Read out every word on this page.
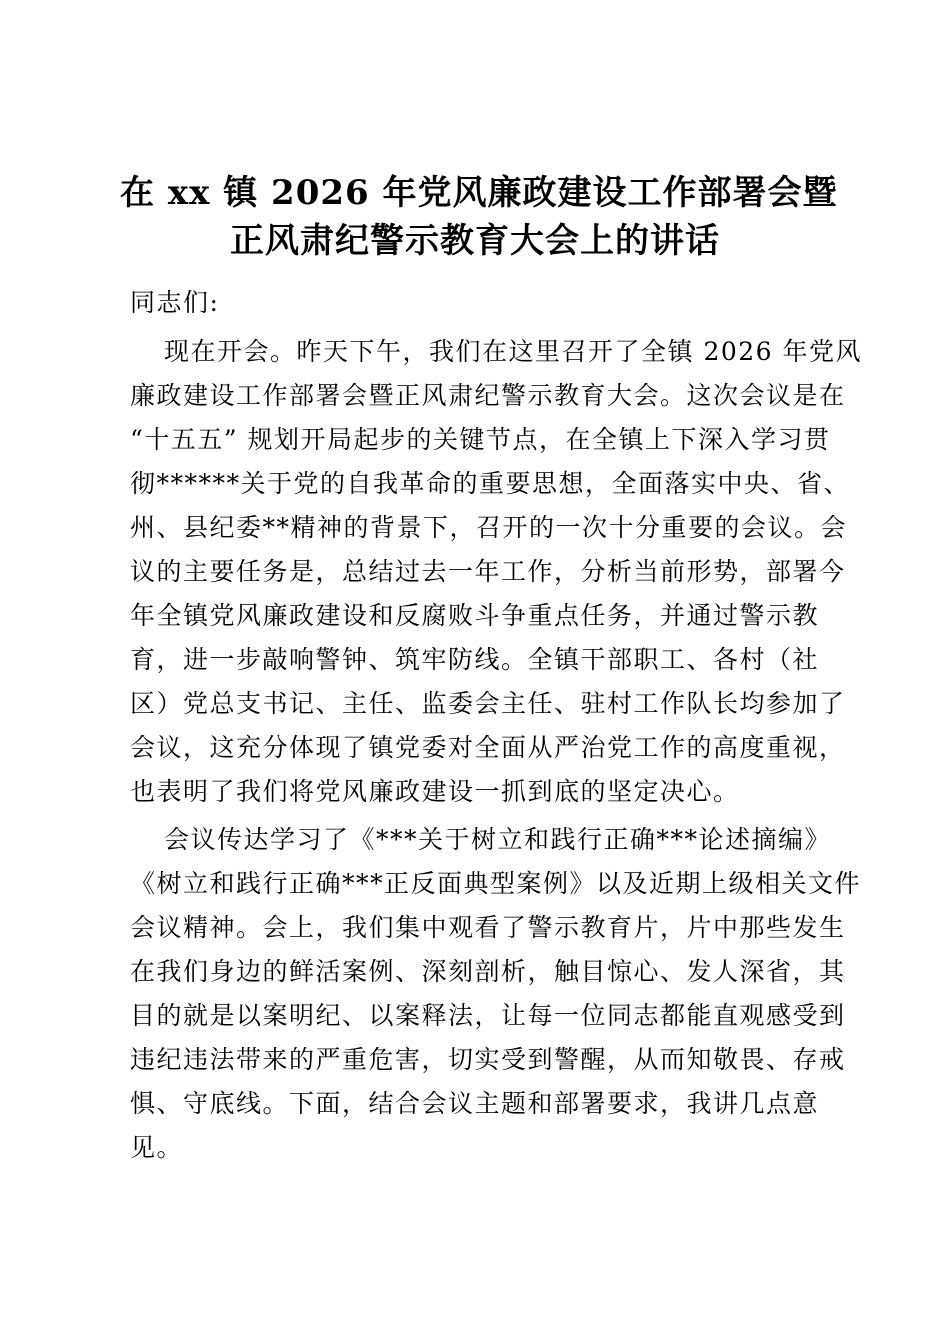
在 xx 镇 2026 年党风廉政建设工作部署会暨
正风肃纪警示教育大会上的讲话
同志们:
现在开会。昨天下午，我们在这里召开了全镇 2026 年党风
廉政建设工作部署会暨正风肃纪警示教育大会。这次会议是在
“十五五” 规划开局起步的关键节点，在全镇上下深入学习贯
彻******关于党的自我革命的重要思想，全面落实中央、省、
州、县纪委**精神的背景下，召开的一次十分重要的会议。会
议的主要任务是，总结过去一年工作，分析当前形势，部署今
年全镇党风廉政建设和反腐败斗争重点任务，并通过警示教
育，进一步敲响警钟、筑牢防线。全镇干部职工、各村（社
区）党总支书记、主任、监委会主任、驻村工作队长均参加了
会议，这充分体现了镇党委对全面从严治党工作的高度重视，
也表明了我们将党风廉政建设一抓到底的坚定决心。
会议传达学习了《***关于树立和践行正确***论述摘编》
《树立和践行正确***正反面典型案例》以及近期上级相关文件
会议精神。会上，我们集中观看了警示教育片，片中那些发生
在我们身边的鲜活案例、深刻剖析，触目惊心、发人深省，其
目的就是以案明纪、以案释法，让每一位同志都能直观感受到
违纪违法带来的严重危害，切实受到警醒，从而知敬畏、存戒
惧、守底线。下面，结合会议主题和部署要求，我讲几点意
见。
